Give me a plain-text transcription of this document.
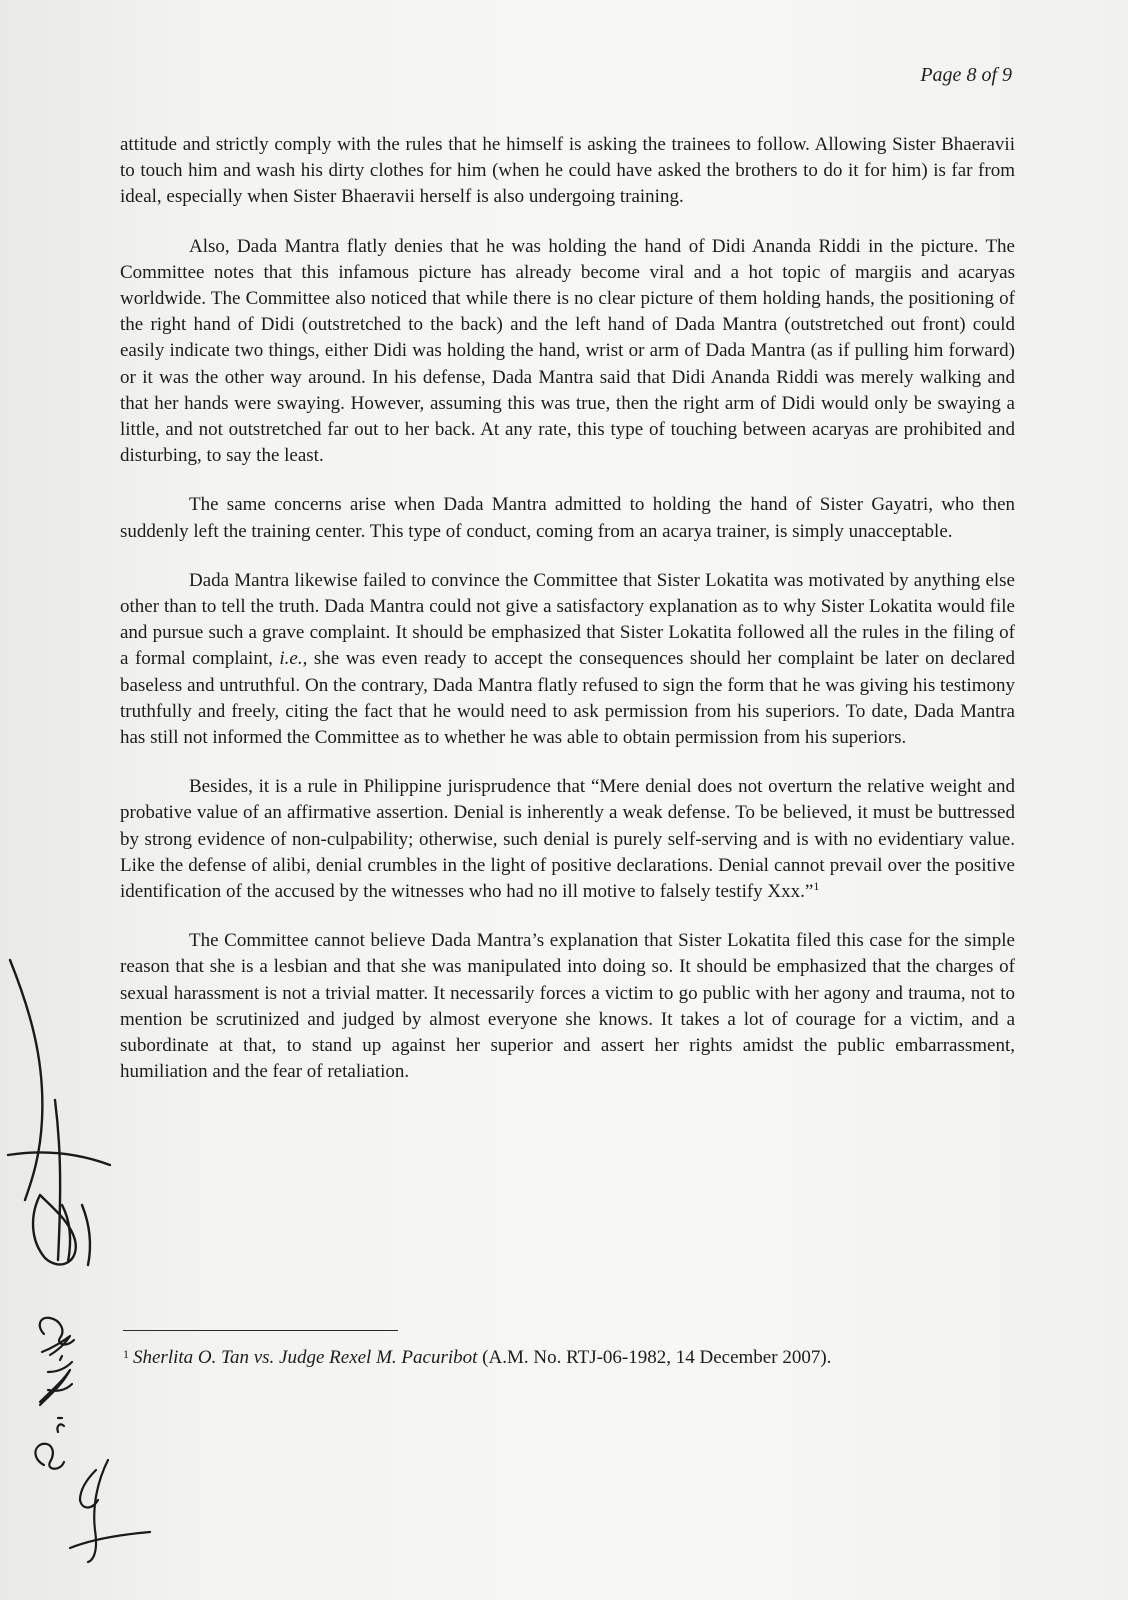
Page 8 of 9

attitude and strictly comply with the rules that he himself is asking the trainees to follow. Allowing Sister Bhaeravii to touch him and wash his dirty clothes for him (when he could have asked the brothers to do it for him) is far from ideal, especially when Sister Bhaeravii herself is also undergoing training.

Also, Dada Mantra flatly denies that he was holding the hand of Didi Ananda Riddi in the picture. The Committee notes that this infamous picture has already become viral and a hot topic of margiis and acaryas worldwide. The Committee also noticed that while there is no clear picture of them holding hands, the positioning of the right hand of Didi (outstretched to the back) and the left hand of Dada Mantra (outstretched out front) could easily indicate two things, either Didi was holding the hand, wrist or arm of Dada Mantra (as if pulling him forward) or it was the other way around. In his defense, Dada Mantra said that Didi Ananda Riddi was merely walking and that her hands were swaying. However, assuming this was true, then the right arm of Didi would only be swaying a little, and not outstretched far out to her back. At any rate, this type of touching between acaryas are prohibited and disturbing, to say the least.

The same concerns arise when Dada Mantra admitted to holding the hand of Sister Gayatri, who then suddenly left the training center. This type of conduct, coming from an acarya trainer, is simply unacceptable.

Dada Mantra likewise failed to convince the Committee that Sister Lokatita was motivated by anything else other than to tell the truth. Dada Mantra could not give a satisfactory explanation as to why Sister Lokatita would file and pursue such a grave complaint. It should be emphasized that Sister Lokatita followed all the rules in the filing of a formal complaint, i.e., she was even ready to accept the consequences should her complaint be later on declared baseless and untruthful. On the contrary, Dada Mantra flatly refused to sign the form that he was giving his testimony truthfully and freely, citing the fact that he would need to ask permission from his superiors. To date, Dada Mantra has still not informed the Committee as to whether he was able to obtain permission from his superiors.

Besides, it is a rule in Philippine jurisprudence that “Mere denial does not overturn the relative weight and probative value of an affirmative assertion. Denial is inherently a weak defense. To be believed, it must be buttressed by strong evidence of non-culpability; otherwise, such denial is purely self-serving and is with no evidentiary value. Like the defense of alibi, denial crumbles in the light of positive declarations. Denial cannot prevail over the positive identification of the accused by the witnesses who had no ill motive to falsely testify Xxx.”$^1$

The Committee cannot believe Dada Mantra’s explanation that Sister Lokatita filed this case for the simple reason that she is a lesbian and that she was manipulated into doing so. It should be emphasized that the charges of sexual harassment is not a trivial matter. It necessarily forces a victim to go public with her agony and trauma, not to mention be scrutinized and judged by almost everyone she knows. It takes a lot of courage for a victim, and a subordinate at that, to stand up against her superior and assert her rights amidst the public embarrassment, humiliation and the fear of retaliation.

$^1$ Sherlita O. Tan vs. Judge Rexel M. Pacuribot (A.M. No. RTJ-06-1982, 14 December 2007).
